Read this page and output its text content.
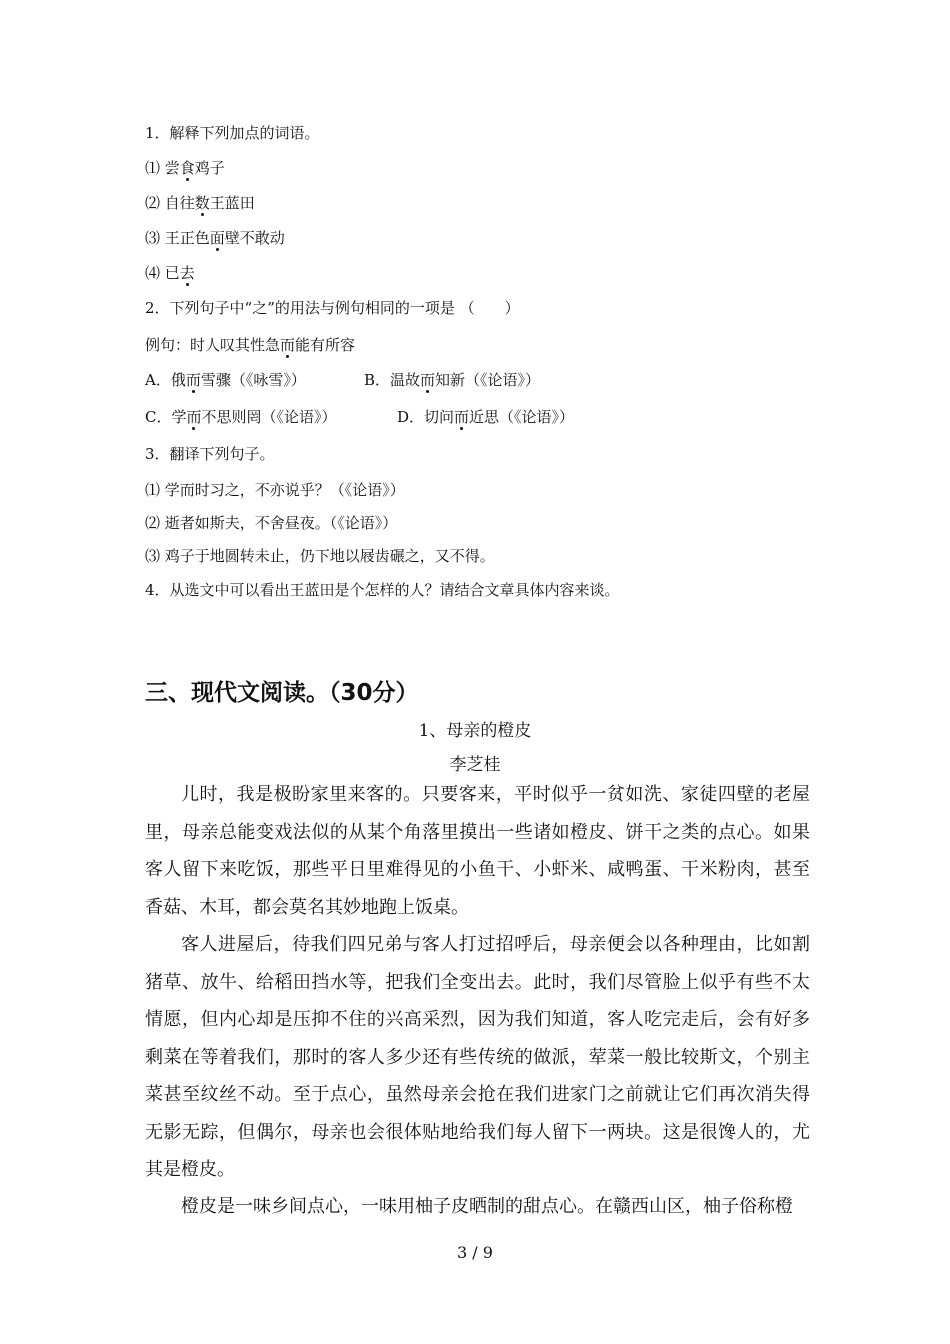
1．解释下列加点的词语。
⑴ 尝食鸡子
⑵ 自往数王蓝田
⑶ 王正色面壁不敢动
⑷ 已去
2．下列句子中“之”的用法与例句相同的一项是 （　　）
例句：时人叹其性急而能有所容
A．俄而雪骤（《咏雪》）	B．温故而知新（《论语》）
C．学而不思则罔（《论语》）	D．切问而近思（《论语》）
3．翻译下列句子。
⑴ 学而时习之，不亦说乎？（《论语》）
⑵ 逝者如斯夫，不舍昼夜。（《论语》）
⑶ 鸡子于地圆转未止，仍下地以屐齿碾之，又不得。
4．从选文中可以看出王蓝田是个怎样的人？请结合文章具体内容来谈。
三、现代文阅读。（30分）
1、母亲的橙皮
李芝桂

儿时，我是极盼家里来客的。只要客来，平时似乎一贫如洗、家徒四壁的老屋里，母亲总能变戏法似的从某个角落里摸出一些诸如橙皮、饼干之类的点心。如果客人留下来吃饭，那些平日里难得见的小鱼干、小虾米、咸鸭蛋、干米粉肉，甚至香菇、木耳，都会莫名其妙地跑上饭桌。

客人进屋后，待我们四兄弟与客人打过招呼后，母亲便会以各种理由，比如割猪草、放牛、给稻田挡水等，把我们全变出去。此时，我们尽管脸上似乎有些不太情愿，但内心却是压抑不住的兴高采烈，因为我们知道，客人吃完走后，会有好多剩菜在等着我们，那时的客人多少还有些传统的做派，荤菜一般比较斯文，个别主菜甚至纹丝不动。至于点心，虽然母亲会抢在我们进家门之前就让它们再次消失得无影无踪，但偶尔，母亲也会很体贴地给我们每人留下一两块。这是很馋人的，尤其是橙皮。

橙皮是一味乡间点心，一味用柚子皮晒制的甜点心。在赣西山区，柚子俗称橙

3 / 9
